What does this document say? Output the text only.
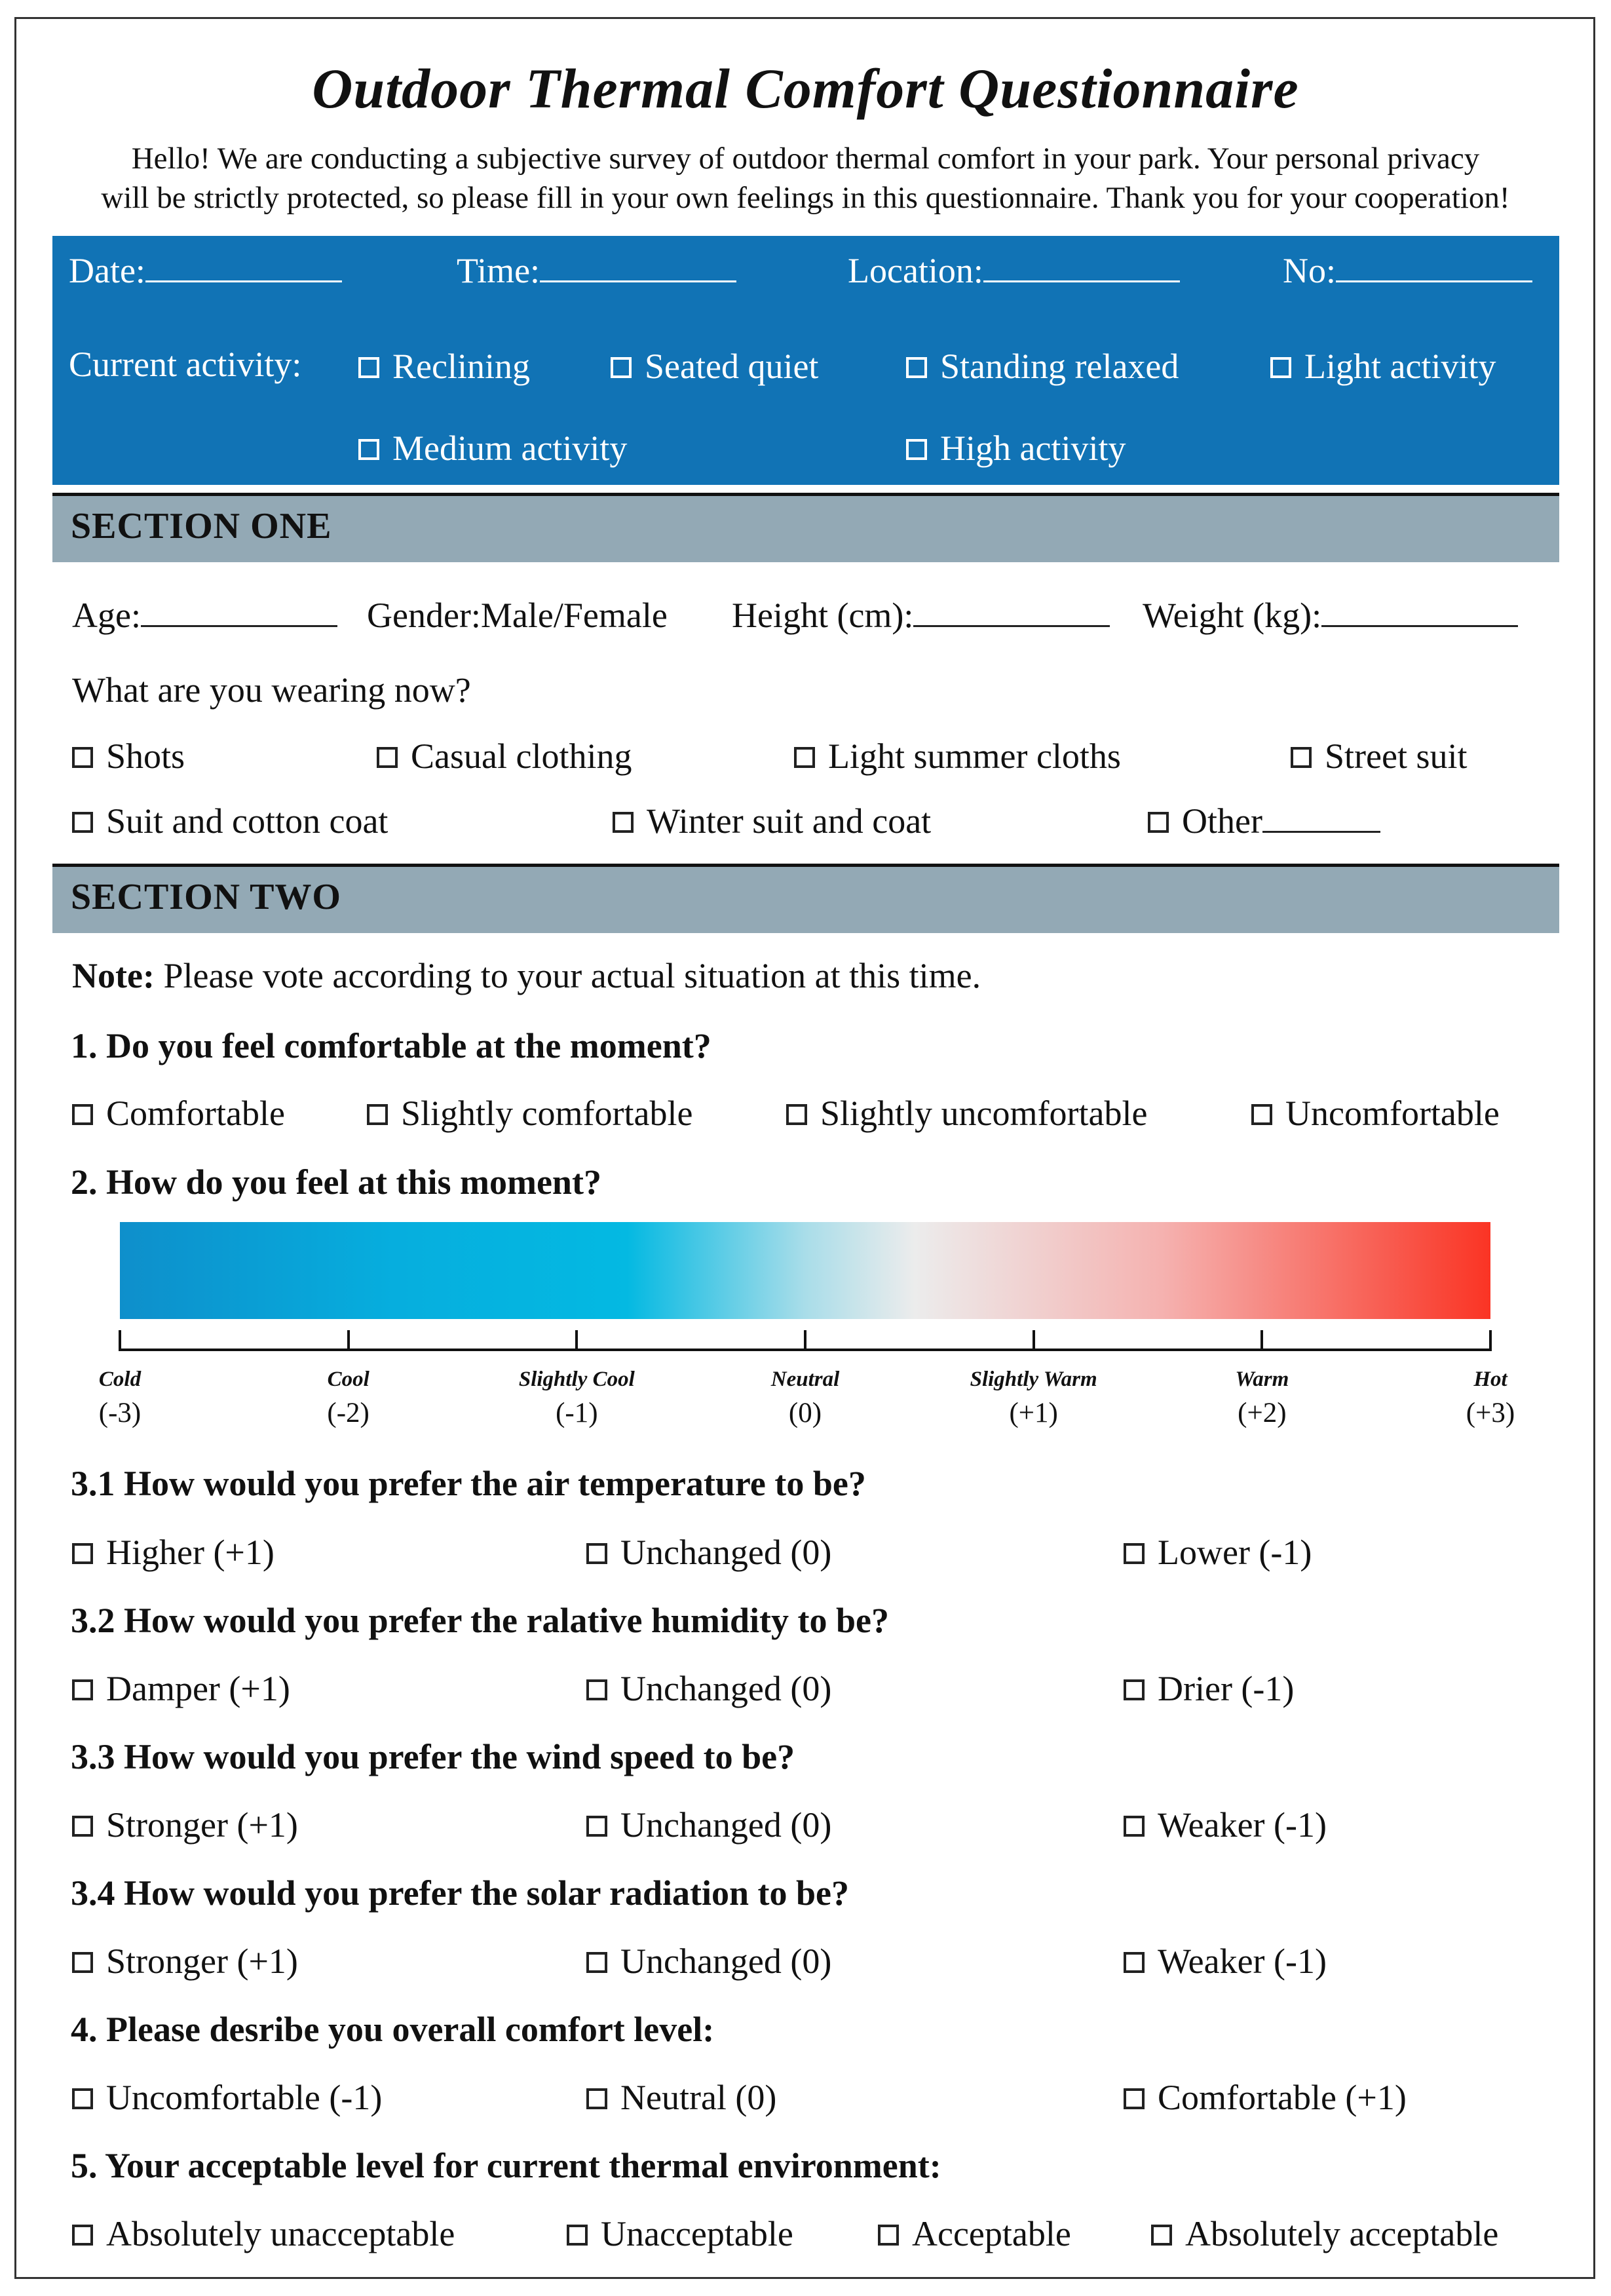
Outdoor Thermal Comfort Questionnaire
Hello! We are conducting a subjective survey of outdoor thermal comfort in your park. Your personal privacy
will be strictly protected, so please fill in your own feelings in this questionnaire. Thank you for your cooperation!
Date:	Time:	Location:	No:
Current activity:	Reclining	Seated quiet	Standing relaxed	Light activity
Medium activity	High activity
SECTION ONE
Age:	Gender:Male/Female Height (cm):	Weight (kg):
What are you wearing now?
Shots	Casual clothing	Light summer cloths	Street suit
Suit and cotton coat	Winter suit and coat	Other
SECTION TWO
Note: Please vote according to your actual situation at this time.
1. Do you feel comfortable at the moment?
Comfortable	Slightly comfortable	Slightly uncomfortable	Uncomfortable
2. How do you feel at this moment?
Cold
(-3)
Cool
(-2)
Slightly Cool
(-1)
Neutral
(0)
Slightly Warm
(+1)
Warm
(+2)
Hot
(+3)
3.1 How would you prefer the air temperature to be?
Higher (+1)	Unchanged (0)	Lower (-1)
3.2 How would you prefer the ralative humidity to be?
Damper (+1)	Unchanged (0)	Drier (-1)
3.3 How would you prefer the wind speed to be?
Stronger (+1)	Unchanged (0)	Weaker (-1)
3.4 How would you prefer the solar radiation to be?
Stronger (+1)	Unchanged (0)	Weaker (-1)
4. Please desribe you overall comfort level:
Uncomfortable (-1)	Neutral (0)	Comfortable (+1)
5. Your acceptable level for current thermal environment:
Absolutely unacceptable	Unacceptable	Acceptable	Absolutely acceptable
